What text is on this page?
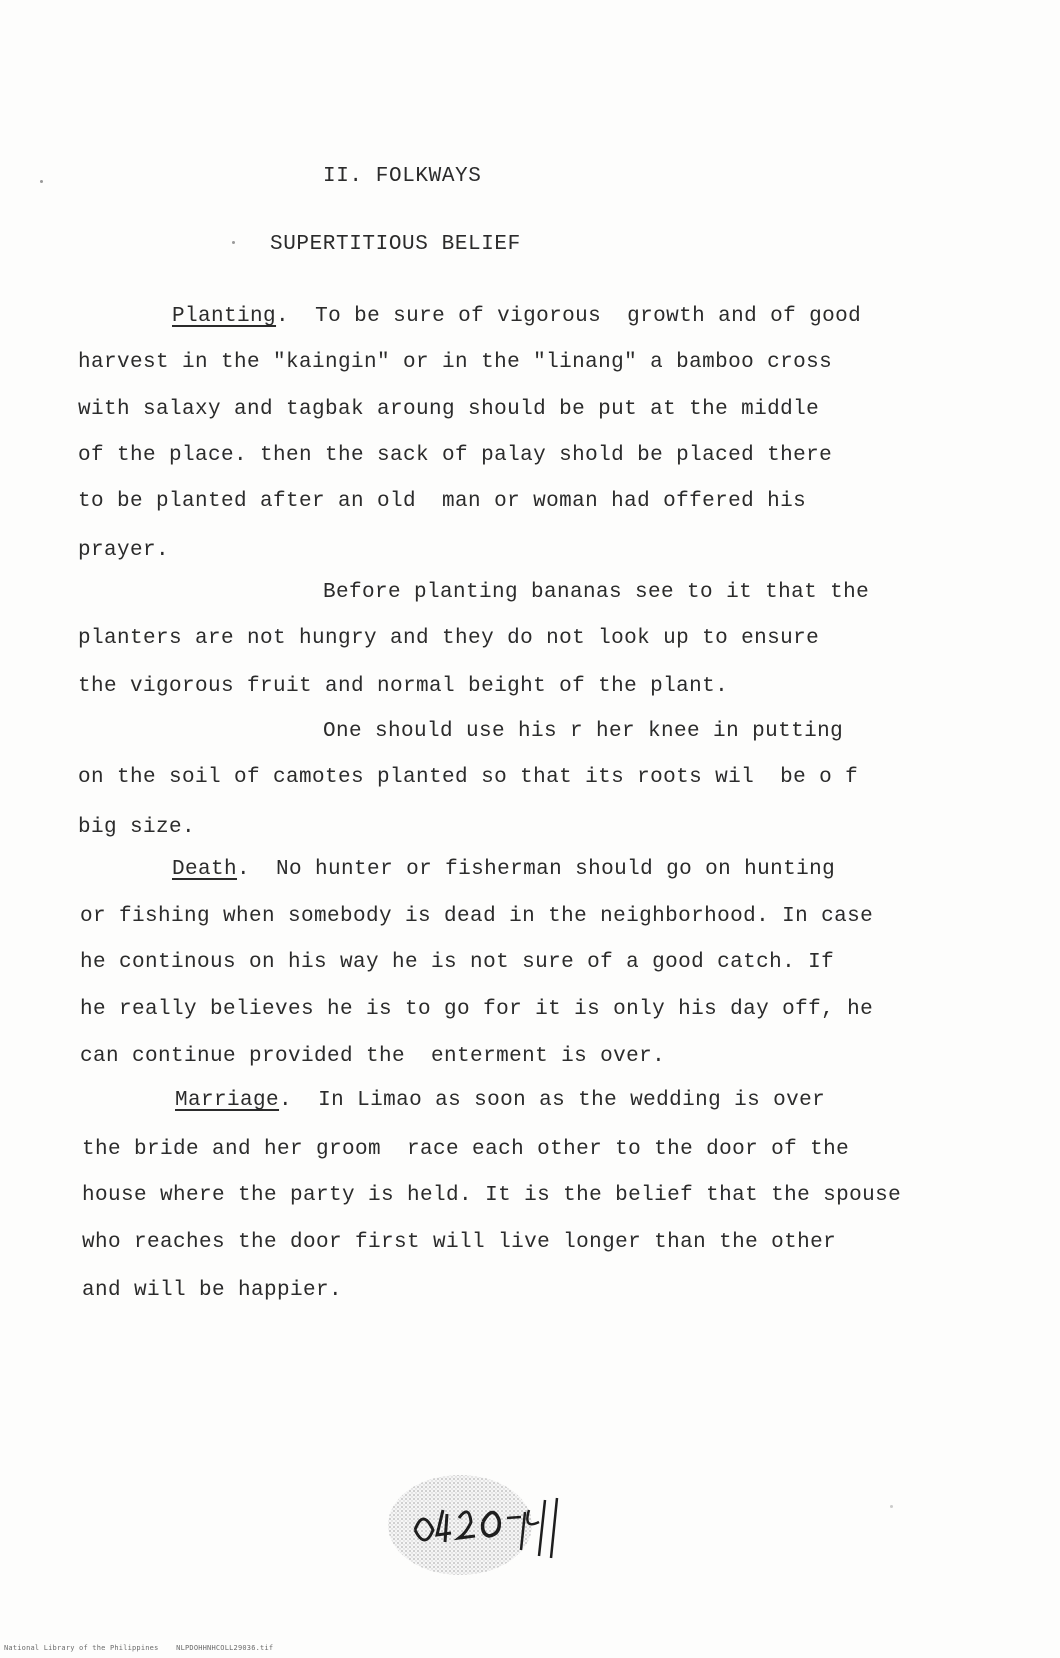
II. FOLKWAYS
SUPERTITIOUS BELIEF
Planting. To be sure of vigorous  growth and of good
harvest in the "kaingin" or in the "linang" a bamboo cross
with salaxy and tagbak aroung should be put at the middle
of the place. then the sack of palay shold be placed there
to be planted after an old  man or woman had offered his
prayer.
Before planting bananas see to it that the
planters are not hungry and they do not look up to ensure
the vigorous fruit and normal beight of the plant.
One should use his r her knee in putting
on the soil of camotes planted so that its roots wil  be o f
big size.
Death. No hunter or fisherman should go on hunting
or fishing when somebody is dead in the neighborhood. In case
he continous on his way he is not sure of a good catch. If
he really believes he is to go for it is only his day off, he
can continue provided the  enterment is over.
Marriage. In Limao as soon as the wedding is over
the bride and her groom  race each other to the door of the
house where the party is held. It is the belief that the spouse
who reaches the door first will live longer than the other
and will be happier.
National Library of the Philippines    NLPDOHHNHCOLL29036.tif
